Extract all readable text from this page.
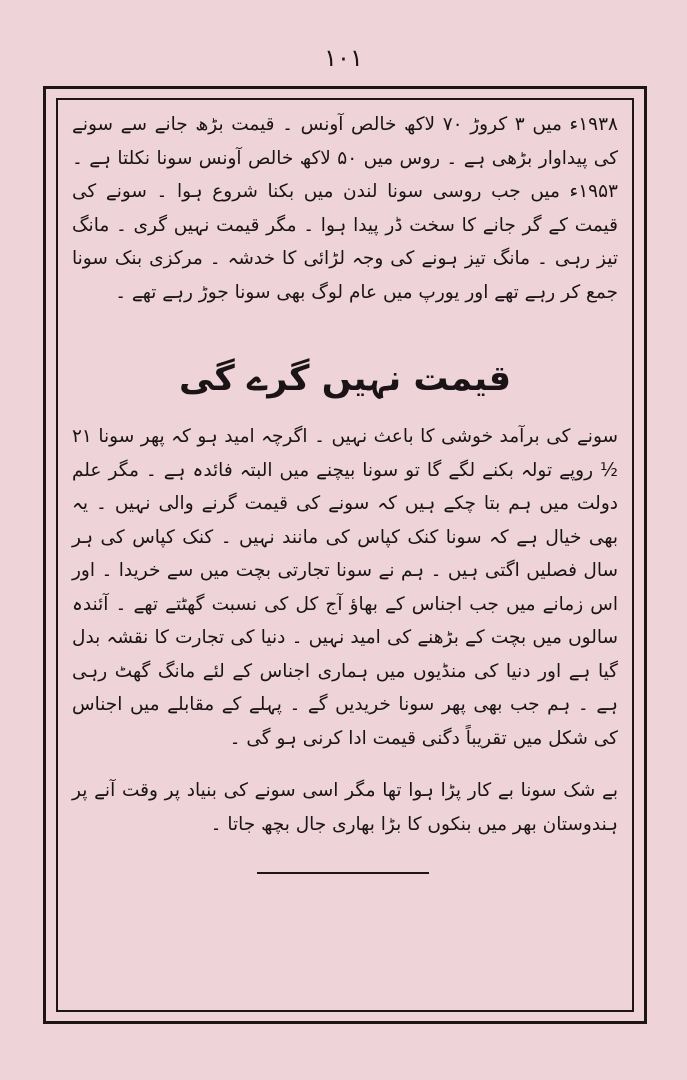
۱۰۱

۱۹۳۸ء میں ۳ کروڑ ۷۰ لاکھ خالص آونس ۔ قیمت بڑھ جانے سے سونے کی پیداوار بڑھی ہے ۔ روس میں ۵۰ لاکھ خالص آونس سونا نکلتا ہے ۔ ۱۹۵۳ء میں جب روسی سونا لندن میں بکنا شروع ہوا ۔ سونے کی قیمت کے گر جانے کا سخت ڈر پیدا ہوا ۔ مگر قیمت نہیں گری ۔ مانگ تیز رہی ۔ مانگ تیز ہونے کی وجہ لڑائی کا خدشہ ۔ مرکزی بنک سونا جمع کر رہے تھے اور یورپ میں عام لوگ بھی سونا جوڑ رہے تھے ۔

قیمت نہیں گرے گی

سونے کی برآمد خوشی کا باعث نہیں ۔ اگرچہ امید ہو کہ پھر سونا ۲۱ ½ روپے تولہ بکنے لگے گا تو سونا بیچنے میں البتہ فائدہ ہے ۔ مگر علم دولت میں ہم بتا چکے ہیں کہ سونے کی قیمت گرنے والی نہیں ۔ یہ بھی خیال ہے کہ سونا کنک کپاس کی مانند نہیں ۔ کنک کپاس کی ہر سال فصلیں اگتی ہیں ۔ ہم نے سونا تجارتی بچت میں سے خریدا ۔ اور اس زمانے میں جب اجناس کے بھاؤ آج کل کی نسبت گھٹتے تھے ۔ آئندہ سالوں میں بچت کے بڑھنے کی امید نہیں ۔ دنیا کی تجارت کا نقشہ بدل گیا ہے اور دنیا کی منڈیوں میں ہماری اجناس کے لئے مانگ گھٹ رہی ہے ۔ ہم جب بھی پھر سونا خریدیں گے ۔ پہلے کے مقابلے میں اجناس کی شکل میں تقریباً دگنی قیمت ادا کرنی ہو گی ۔

بے شک سونا بے کار پڑا ہوا تھا مگر اسی سونے کی بنیاد پر وقت آنے پر ہندوستان بھر میں بنکوں کا بڑا بھاری جال بچھ جاتا ۔
